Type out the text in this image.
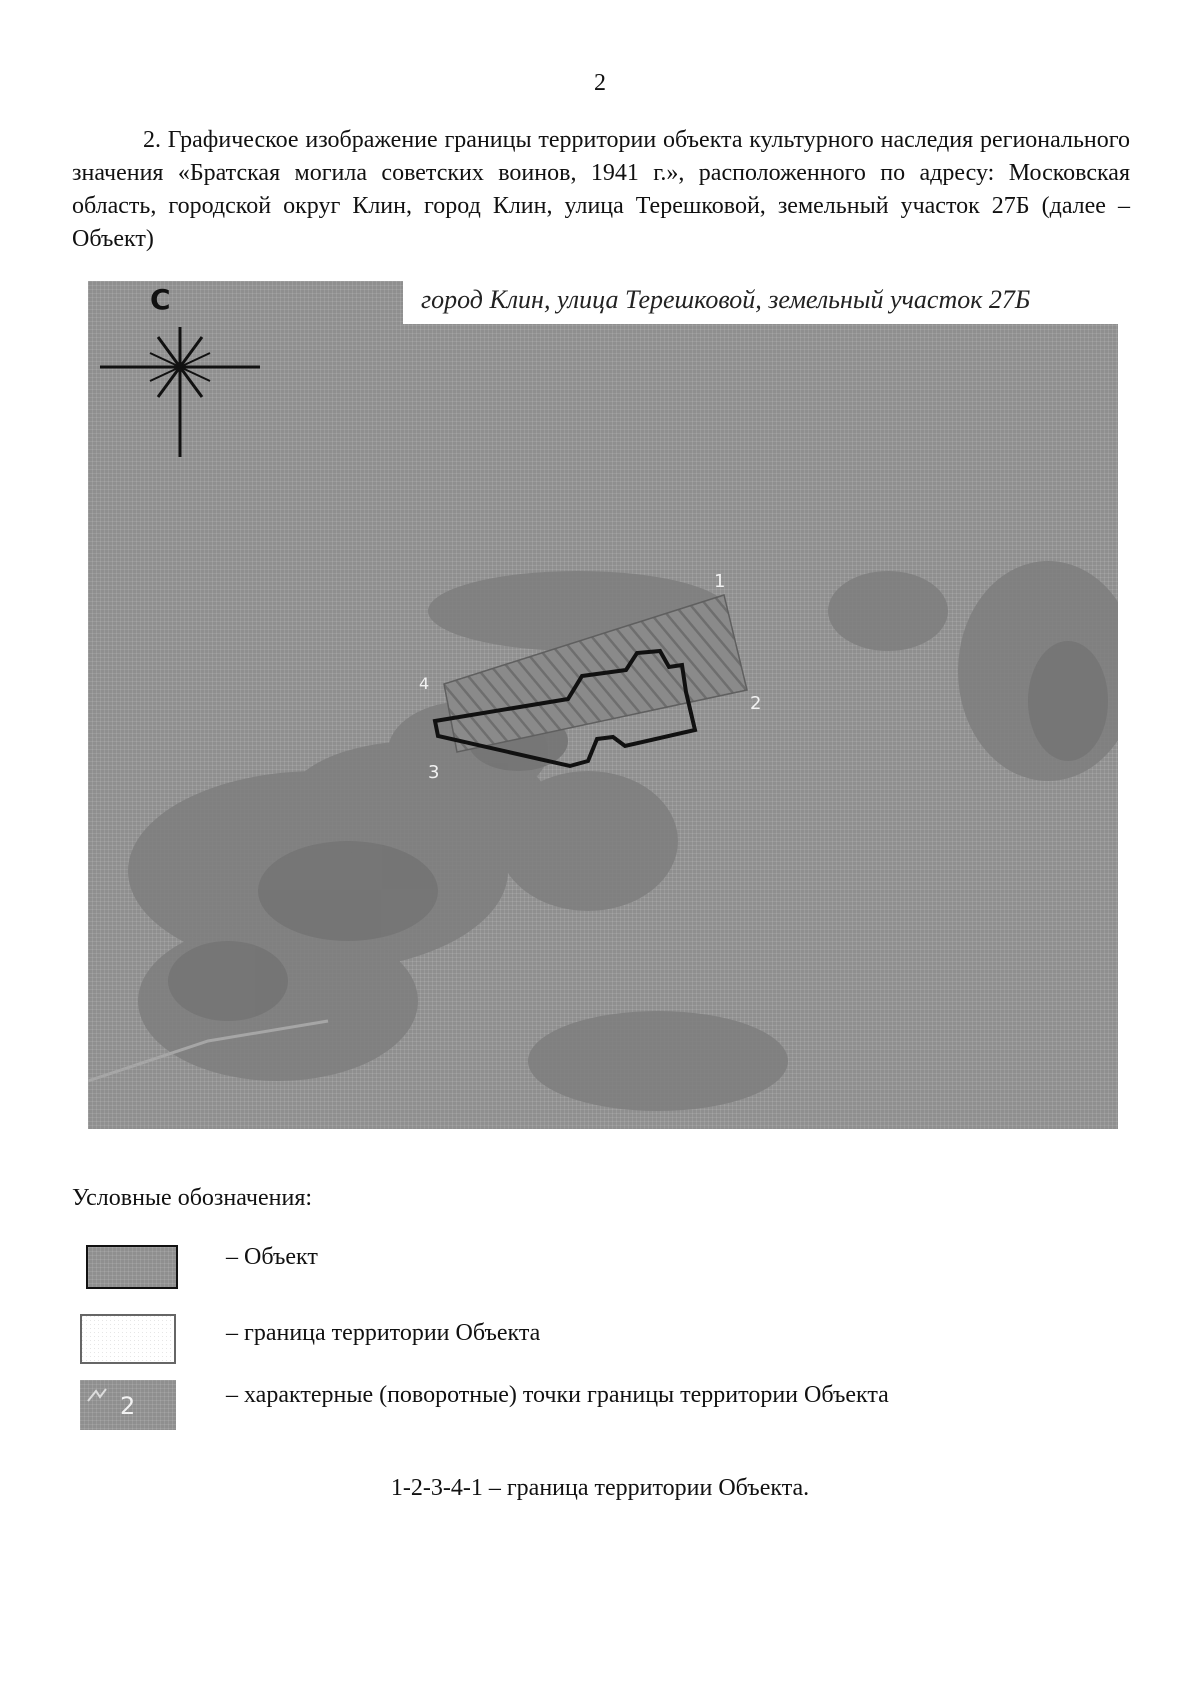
2

2. Графическое изображение границы территории объекта культурного наследия регионального значения «Братская могила советских воинов, 1941 г.», расположенного по адресу: Московская область, городской округ Клин, город Клин, улица Терешковой, земельный участок 27Б (далее – Объект)

С
1
2
3
4
город Клин, улица Терешковой, земельный участок 27Б
Условные обозначения:
– Объект
– граница территории Объекта
2	– характерные (поворотные) точки границы территории Объекта
1-2-3-4-1 – граница территории Объекта.
